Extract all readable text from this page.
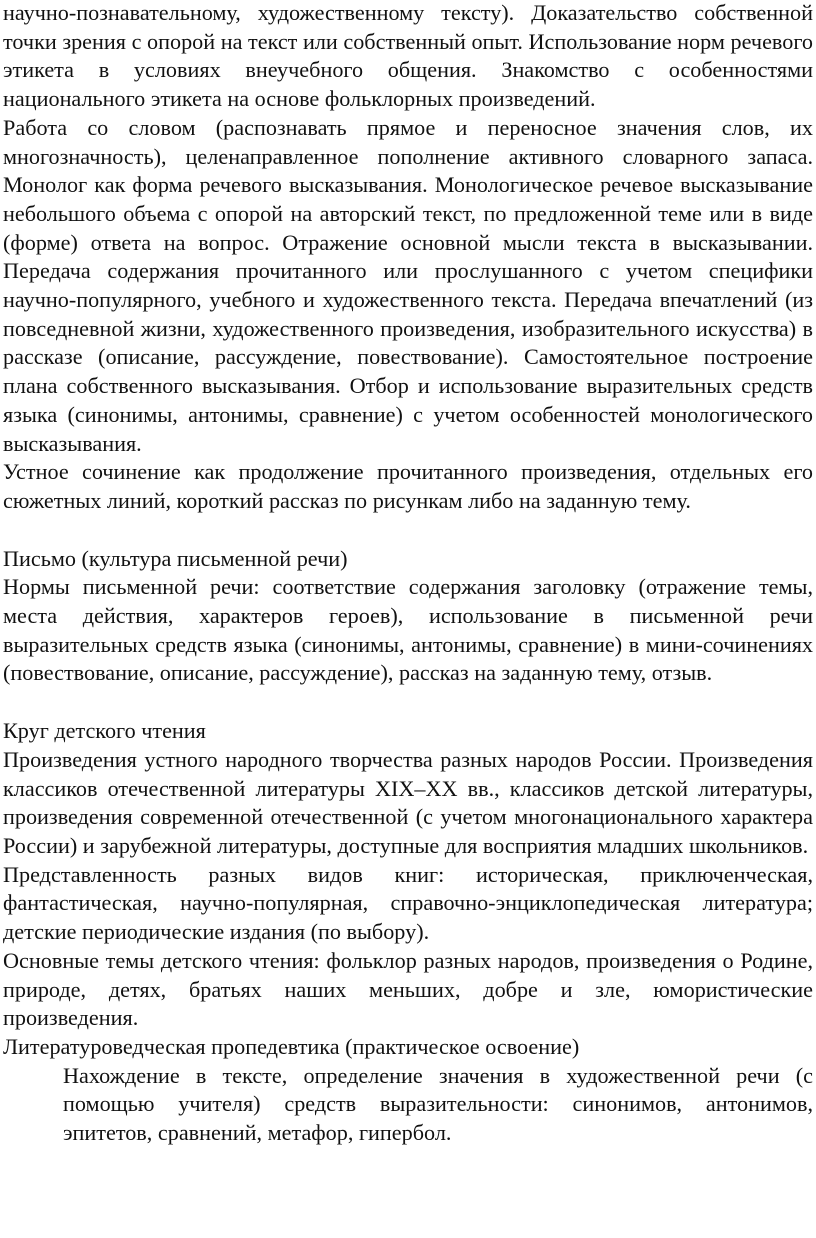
научно-познавательному, художественному тексту). Доказательство собственной точки зрения с опорой на текст или собственный опыт. Использование норм речевого этикета в условиях внеучебного общения. Знакомство с особенностями национального этикета на основе фольклорных произведений.

Работа со словом (распознавать прямое и переносное значения слов, их многозначность), целенаправленное пополнение активного словарного запаса. Монолог как форма речевого высказывания. Монологическое речевое высказывание небольшого объема с опорой на авторский текст, по предложенной теме или в виде (форме) ответа на вопрос. Отражение основной мысли текста в высказывании. Передача содержания прочитанного или прослушанного с учетом специфики научно-популярного, учебного и художественного текста. Передача впечатлений (из повседневной жизни, художественного произведения, изобразительного искусства) в рассказе (описание, рассуждение, повествование). Самостоятельное построение плана собственного высказывания. Отбор и использование выразительных средств языка (синонимы, антонимы, сравнение) с учетом особенностей монологического высказывания.

Устное сочинение как продолжение прочитанного произведения, отдельных его сюжетных линий, короткий рассказ по рисункам либо на заданную тему.

Письмо (культура письменной речи)

Нормы письменной речи: соответствие содержания заголовку (отражение темы, места действия, характеров героев), использование в письменной речи выразительных средств языка (синонимы, антонимы, сравнение) в мини-сочинениях (повествование, описание, рассуждение), рассказ на заданную тему, отзыв.

Круг детского чтения

Произведения устного народного творчества разных народов России. Произведения классиков отечественной литературы XIX–XX вв., классиков детской литературы, произведения современной отечественной (с учетом многонационального характера России) и зарубежной литературы, доступные для восприятия младших школьников.

Представленность разных видов книг: историческая, приключенческая, фантастическая, научно-популярная, справочно-энциклопедическая литература; детские периодические издания (по выбору).

Основные темы детского чтения: фольклор разных народов, произведения о Родине, природе, детях, братьях наших меньших, добре и зле, юмористические произведения.

Литературоведческая пропедевтика (практическое освоение)

Нахождение в тексте, определение значения в художественной речи (с помощью учителя) средств выразительности: синонимов, антонимов, эпитетов, сравнений, метафор, гипербол.
